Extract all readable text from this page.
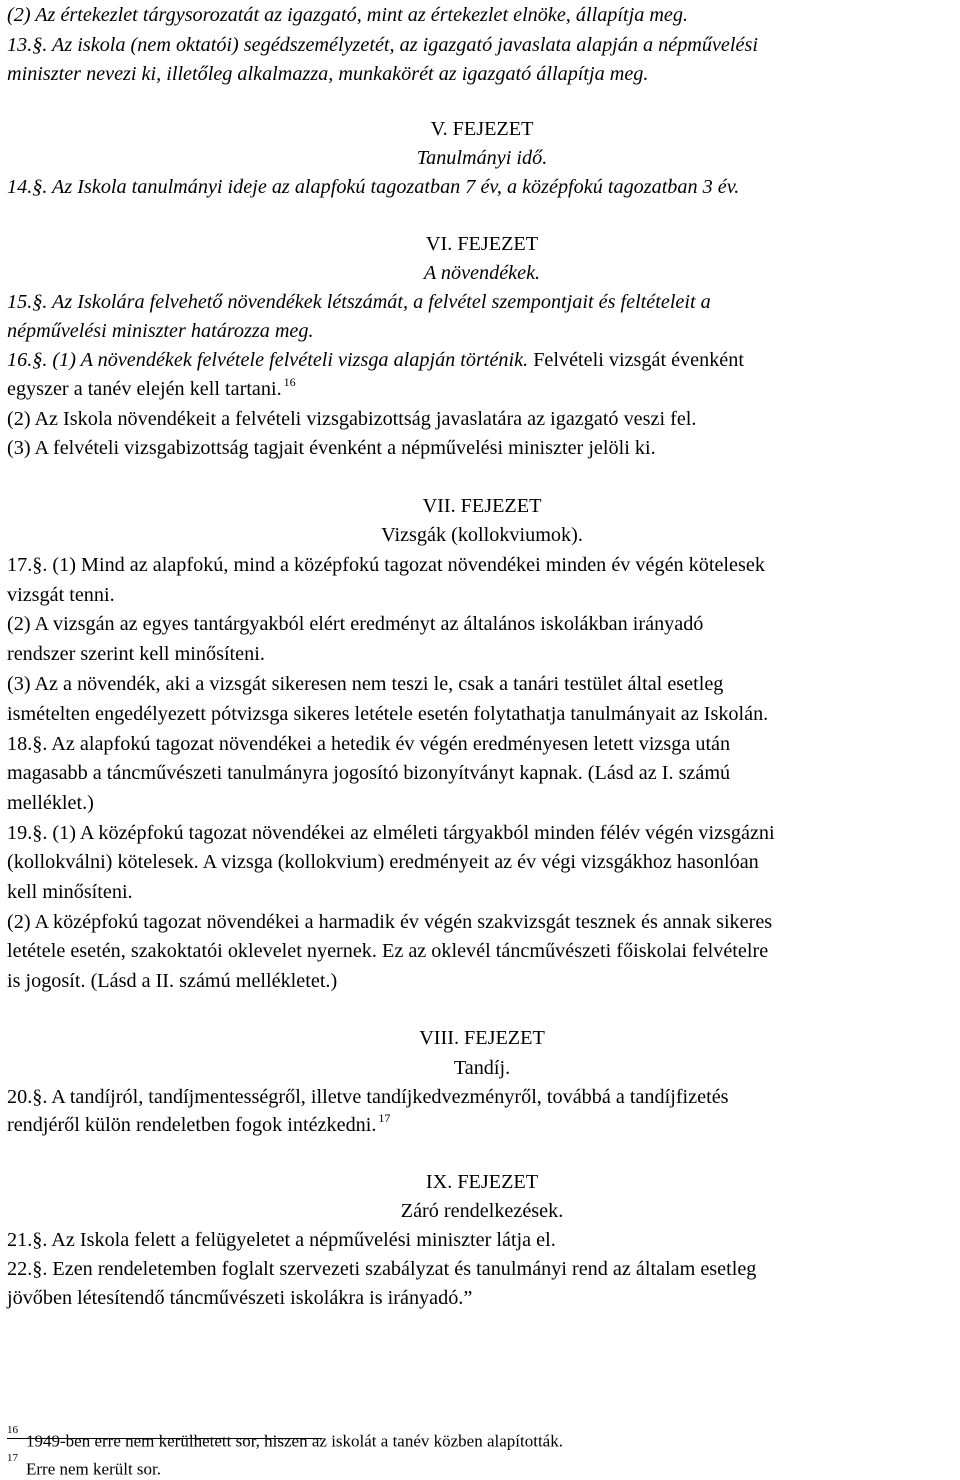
(2) Az értekezlet tárgysorozatát az igazgató, mint az értekezlet elnöke, állapítja meg.
13.§. Az iskola (nem oktatói) segédszemélyzetét, az igazgató javaslata alapján a népművelési
miniszter nevezi ki, illetőleg alkalmazza, munkakörét az igazgató állapítja meg.
V. FEJEZET
Tanulmányi idő.
14.§. Az Iskola tanulmányi ideje az alapfokú tagozatban 7 év, a középfokú tagozatban 3 év.
VI. FEJEZET
A növendékek.
15.§. Az Iskolára felvehető növendékek létszámát, a felvétel szempontjait és feltételeit a
népművelési miniszter határozza meg.
16.§. (1) A növendékek felvétele felvételi vizsga alapján történik. Felvételi vizsgát évenként
egyszer a tanév elején kell tartani. $^{16}$
(2) Az Iskola növendékeit a felvételi vizsgabizottság javaslatára az igazgató veszi fel.
(3) A felvételi vizsgabizottság tagjait évenként a népművelési miniszter jelöli ki.
VII. FEJEZET
Vizsgák (kollokviumok).
17.§. (1) Mind az alapfokú, mind a középfokú tagozat növendékei minden év végén kötelesek
vizsgát tenni.
(2) A vizsgán az egyes tantárgyakból elért eredményt az általános iskolákban irányadó
rendszer szerint kell minősíteni.
(3) Az a növendék, aki a vizsgát sikeresen nem teszi le, csak a tanári testület által esetleg
ismételten engedélyezett pótvizsga sikeres letétele esetén folytathatja tanulmányait az Iskolán.
18.§. Az alapfokú tagozat növendékei a hetedik év végén eredményesen letett vizsga után
magasabb a táncművészeti tanulmányra jogosító bizonyítványt kapnak. (Lásd az I. számú
melléklet.)
19.§. (1) A középfokú tagozat növendékei az elméleti tárgyakból minden félév végén vizsgázni
(kollokválni) kötelesek. A vizsga (kollokvium) eredményeit az év végi vizsgákhoz hasonlóan
kell minősíteni.
(2) A középfokú tagozat növendékei a harmadik év végén szakvizsgát tesznek és annak sikeres
letétele esetén, szakoktatói oklevelet nyernek. Ez az oklevél táncművészeti főiskolai felvételre
is jogosít. (Lásd a II. számú mellékletet.)
VIII. FEJEZET
Tandíj.
20.§. A tandíjról, tandíjmentességről, illetve tandíjkedvezményről, továbbá a tandíjfizetés
rendjéről külön rendeletben fogok intézkedni. $^{17}$
IX. FEJEZET
Záró rendelkezések.
21.§. Az Iskola felett a felügyeletet a népművelési miniszter látja el.
22.§. Ezen rendeletemben foglalt szervezeti szabályzat és tanulmányi rend az általam esetleg
jövőben létesítendő táncművészeti iskolákra is irányadó.”
$^{16}$1949-ben erre nem kerülhetett sor, hiszen az iskolát a tanév közben alapították.
$^{17}$Erre nem került sor.
